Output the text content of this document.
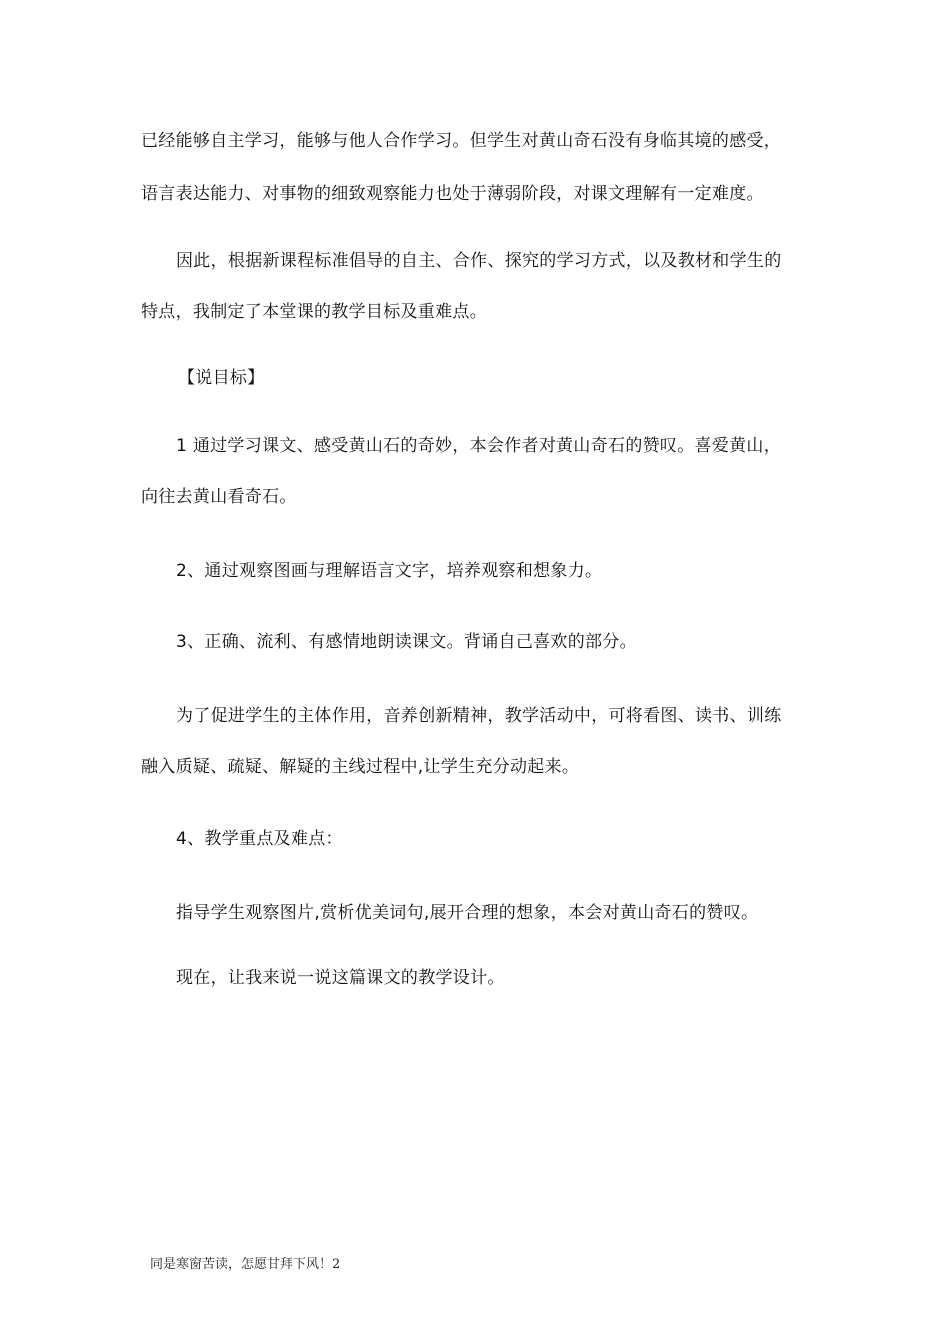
已经能够自主学习，能够与他人合作学习。但学生对黄山奇石没有身临其境的感受，
语言表达能力、对事物的细致观察能力也处于薄弱阶段，对课文理解有一定难度。
因此，根据新课程标准倡导的自主、合作、探究的学习方式，以及教材和学生的
特点，我制定了本堂课的教学目标及重难点。
【说目标】
1 通过学习课文、感受黄山石的奇妙，本会作者对黄山奇石的赞叹。喜爱黄山，
向往去黄山看奇石。
2、通过观察图画与理解语言文字，培养观察和想象力。
3、正确、流利、有感情地朗读课文。背诵自己喜欢的部分。
为了促进学生的主体作用，音养创新精神，教学活动中，可将看图、读书、训练
融入质疑、疏疑、解疑的主线过程中,让学生充分动起来。
4、教学重点及难点：
指导学生观察图片,赏析优美词句,展开合理的想象，本会对黄山奇石的赞叹。
现在，让我来说一说这篇课文的教学设计。
同是寒窗苦读，怎愿甘拜下风！2
